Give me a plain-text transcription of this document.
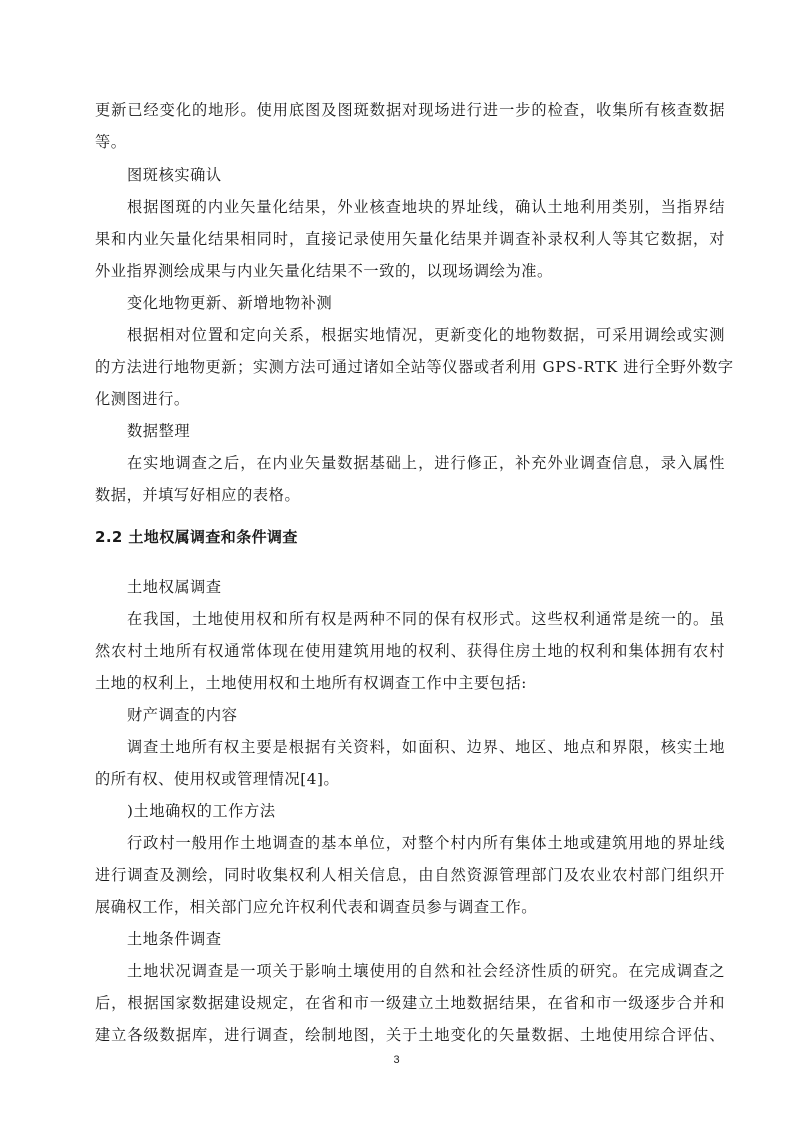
更新已经变化的地形。使用底图及图斑数据对现场进行进一步的检查，收集所有核查数据
等。
图斑核实确认
根据图斑的内业矢量化结果，外业核查地块的界址线，确认土地利用类别，当指界结
果和内业矢量化结果相同时，直接记录使用矢量化结果并调查补录权利人等其它数据，对
外业指界测绘成果与内业矢量化结果不一致的，以现场调绘为准。
变化地物更新、新增地物补测
根据相对位置和定向关系，根据实地情况，更新变化的地物数据，可采用调绘或实测
的方法进行地物更新；实测方法可通过诸如全站等仪器或者利用 GPS-RTK 进行全野外数字
化测图进行。
数据整理
在实地调查之后，在内业矢量数据基础上，进行修正，补充外业调查信息，录入属性
数据，并填写好相应的表格。
2.2 土地权属调查和条件调查
土地权属调查
在我国，土地使用权和所有权是两种不同的保有权形式。这些权利通常是统一的。虽
然农村土地所有权通常体现在使用建筑用地的权利、获得住房土地的权利和集体拥有农村
土地的权利上，土地使用权和土地所有权调查工作中主要包括:
财产调查的内容
调查土地所有权主要是根据有关资料，如面积、边界、地区、地点和界限，核实土地
的所有权、使用权或管理情况[4]。
)土地确权的工作方法
行政村一般用作土地调查的基本单位，对整个村内所有集体土地或建筑用地的界址线
进行调查及测绘，同时收集权利人相关信息，由自然资源管理部门及农业农村部门组织开
展确权工作，相关部门应允许权利代表和调查员参与调查工作。
土地条件调查
土地状况调查是一项关于影响土壤使用的自然和社会经济性质的研究。在完成调查之
后，根据国家数据建设规定，在省和市一级建立土地数据结果，在省和市一级逐步合并和
建立各级数据库，进行调查，绘制地图，关于土地变化的矢量数据、土地使用综合评估、
3
